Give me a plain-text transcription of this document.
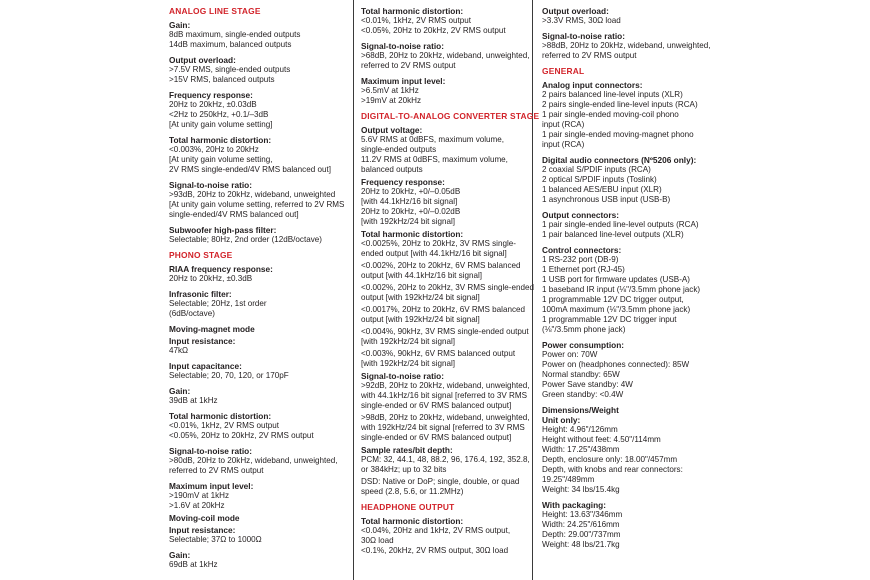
ANALOG LINE STAGE
Gain:
8dB maximum, single-ended outputs
14dB maximum, balanced outputs
Output overload:
>7.5V RMS, single-ended outputs
>15V RMS, balanced outputs
Frequency response:
20Hz to 20kHz, ±0.03dB
<2Hz to 250kHz, +0.1/–3dB
[At unity gain volume setting]
Total harmonic distortion:
<0.003%, 20Hz to 20kHz
[At unity gain volume setting,
2V RMS single-ended/4V RMS balanced out]
Signal-to-noise ratio:
>93dB, 20Hz to 20kHz, wideband, unweighted
[At unity gain volume setting, referred to 2V RMS
single-ended/4V RMS balanced out]
Subwoofer high-pass filter:
Selectable; 80Hz, 2nd order (12dB/octave)
PHONO STAGE
RIAA frequency response:
20Hz to 20kHz, ±0.3dB
Infrasonic filter:
Selectable; 20Hz, 1st order
(6dB/octave)
Moving-magnet mode
Input resistance:
47kΩ
Input capacitance:
Selectable; 20, 70, 120, or 170pF
Gain:
39dB at 1kHz
Total harmonic distortion:
<0.01%, 1kHz, 2V RMS output
<0.05%, 20Hz to 20kHz, 2V RMS output
Signal-to-noise ratio:
>80dB, 20Hz to 20kHz, wideband, unweighted,
referred to 2V RMS output
Maximum input level:
>190mV at 1kHz
>1.6V at 20kHz
Moving-coil mode
Input resistance:
Selectable; 37Ω to 1000Ω
Gain:
69dB at 1kHz
Total harmonic distortion:
<0.01%, 1kHz, 2V RMS output
<0.05%, 20Hz to 20kHz, 2V RMS output
Signal-to-noise ratio:
>68dB, 20Hz to 20kHz, wideband, unweighted,
referred to 2V RMS output
Maximum input level:
>6.5mV at 1kHz
>19mV at 20kHz
DIGITAL-TO-ANALOG CONVERTER STAGE
Output voltage:
5.6V RMS at 0dBFS, maximum volume,
single-ended outputs
11.2V RMS at 0dBFS, maximum volume,
balanced outputs
Frequency response:
20Hz to 20kHz, +0/–0.05dB
[with 44.1kHz/16 bit signal]
20Hz to 20kHz, +0/–0.02dB
[with 192kHz/24 bit signal]
Total harmonic distortion:
<0.0025%, 20Hz to 20kHz, 3V RMS single-
ended output [with 44.1kHz/16 bit signal]
<0.002%, 20Hz to 20kHz, 6V RMS balanced
output [with 44.1kHz/16 bit signal]
<0.002%, 20Hz to 20kHz, 3V RMS single-ended
output [with 192kHz/24 bit signal]
<0.0017%, 20Hz to 20kHz, 6V RMS balanced
output [with 192kHz/24 bit signal]
<0.004%, 90kHz, 3V RMS single-ended output
[with 192kHz/24 bit signal]
<0.003%, 90kHz, 6V RMS balanced output
[with 192kHz/24 bit signal]
Signal-to-noise ratio:
>92dB, 20Hz to 20kHz, wideband, unweighted,
with 44.1kHz/16 bit signal [referred to 3V RMS
single-ended or 6V RMS balanced output]
>98dB, 20Hz to 20kHz, wideband, unweighted,
with 192kHz/24 bit signal [referred to 3V RMS
single-ended or 6V RMS balanced output]
Sample rates/bit depth:
PCM: 32, 44.1, 48, 88.2, 96, 176.4, 192, 352.8,
or 384kHz; up to 32 bits
DSD: Native or DoP; single, double, or quad
speed (2.8, 5.6, or 11.2MHz)
HEADPHONE OUTPUT
Total harmonic distortion:
<0.04%, 20Hz and 1kHz, 2V RMS output,
30Ω load
<0.1%, 20kHz, 2V RMS output, 30Ω load
Output overload:
>3.3V RMS, 30Ω load
Signal-to-noise ratio:
>88dB, 20Hz to 20kHz, wideband, unweighted,
referred to 2V RMS output
GENERAL
Analog input connectors:
2 pairs balanced line-level inputs (XLR)
2 pairs single-ended line-level inputs (RCA)
1 pair single-ended moving-coil phono
input (RCA)
1 pair single-ended moving-magnet phono
input (RCA)
Digital audio connectors (Nº5206 only):
2 coaxial S/PDIF inputs (RCA)
2 optical S/PDIF inputs (Toslink)
1 balanced AES/EBU input (XLR)
1 asynchronous USB input (USB-B)
Output connectors:
1 pair single-ended line-level outputs (RCA)
1 pair balanced line-level outputs (XLR)
Control connectors:
1 RS-232 port (DB-9)
1 Ethernet port (RJ-45)
1 USB port for firmware updates (USB-A)
1 baseband IR input (⅛"/3.5mm phone jack)
1 programmable 12V DC trigger output,
100mA maximum (⅛"/3.5mm phone jack)
1 programmable 12V DC trigger input
(⅛"/3.5mm phone jack)
Power consumption:
Power on: 70W
Power on (headphones connected): 85W
Normal standby: 65W
Power Save standby: 4W
Green standby: <0.4W
Dimensions/Weight
Unit only:
Height: 4.96"/126mm
Height without feet: 4.50"/114mm
Width: 17.25"/438mm
Depth, enclosure only: 18.00"/457mm
Depth, with knobs and rear connectors:
19.25"/489mm
Weight: 34 lbs/15.4kg
With packaging:
Height: 13.63"/346mm
Width: 24.25"/616mm
Depth: 29.00"/737mm
Weight: 48 lbs/21.7kg
